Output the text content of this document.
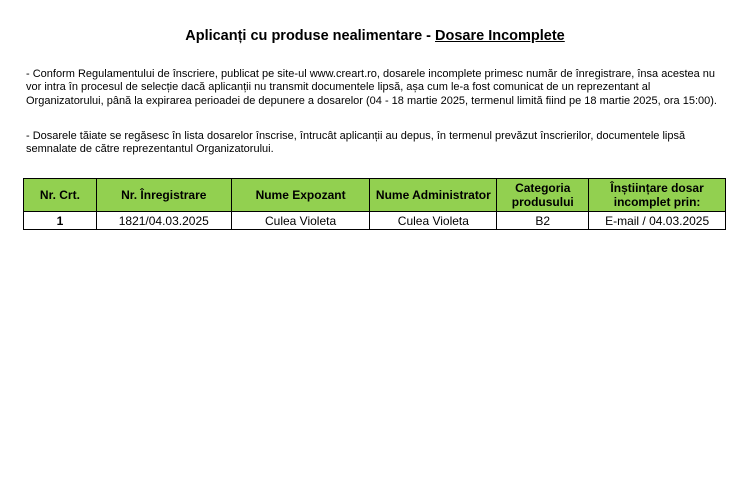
Aplicanți cu produse nealimentare - Dosare Incomplete

- Conform Regulamentului de înscriere, publicat pe site-ul www.creart.ro, dosarele incomplete primesc număr de înregistrare, însa acestea nu vor intra în procesul de selecție dacă aplicanții nu transmit documentele lipsă, așa cum le-a fost comunicat de un reprezentant al Organizatorului, până la expirarea perioadei de depunere a dosarelor (04 - 18 martie 2025, termenul limită fiind pe 18 martie 2025, ora 15:00).

- Dosarele tăiate se regăsesc în lista dosarelor înscrise, întrucât aplicanții au depus, în termenul prevăzut înscrierilor, documentele lipsă semnalate de către reprezentantul Organizatorului.

Nr. Crt.	Nr. Înregistrare	Nume Expozant	Nume Administrator	Categoria produsului	Înștiințare dosar incomplet prin:
1	1821/04.03.2025	Culea Violeta	Culea Violeta	B2	E-mail / 04.03.2025
